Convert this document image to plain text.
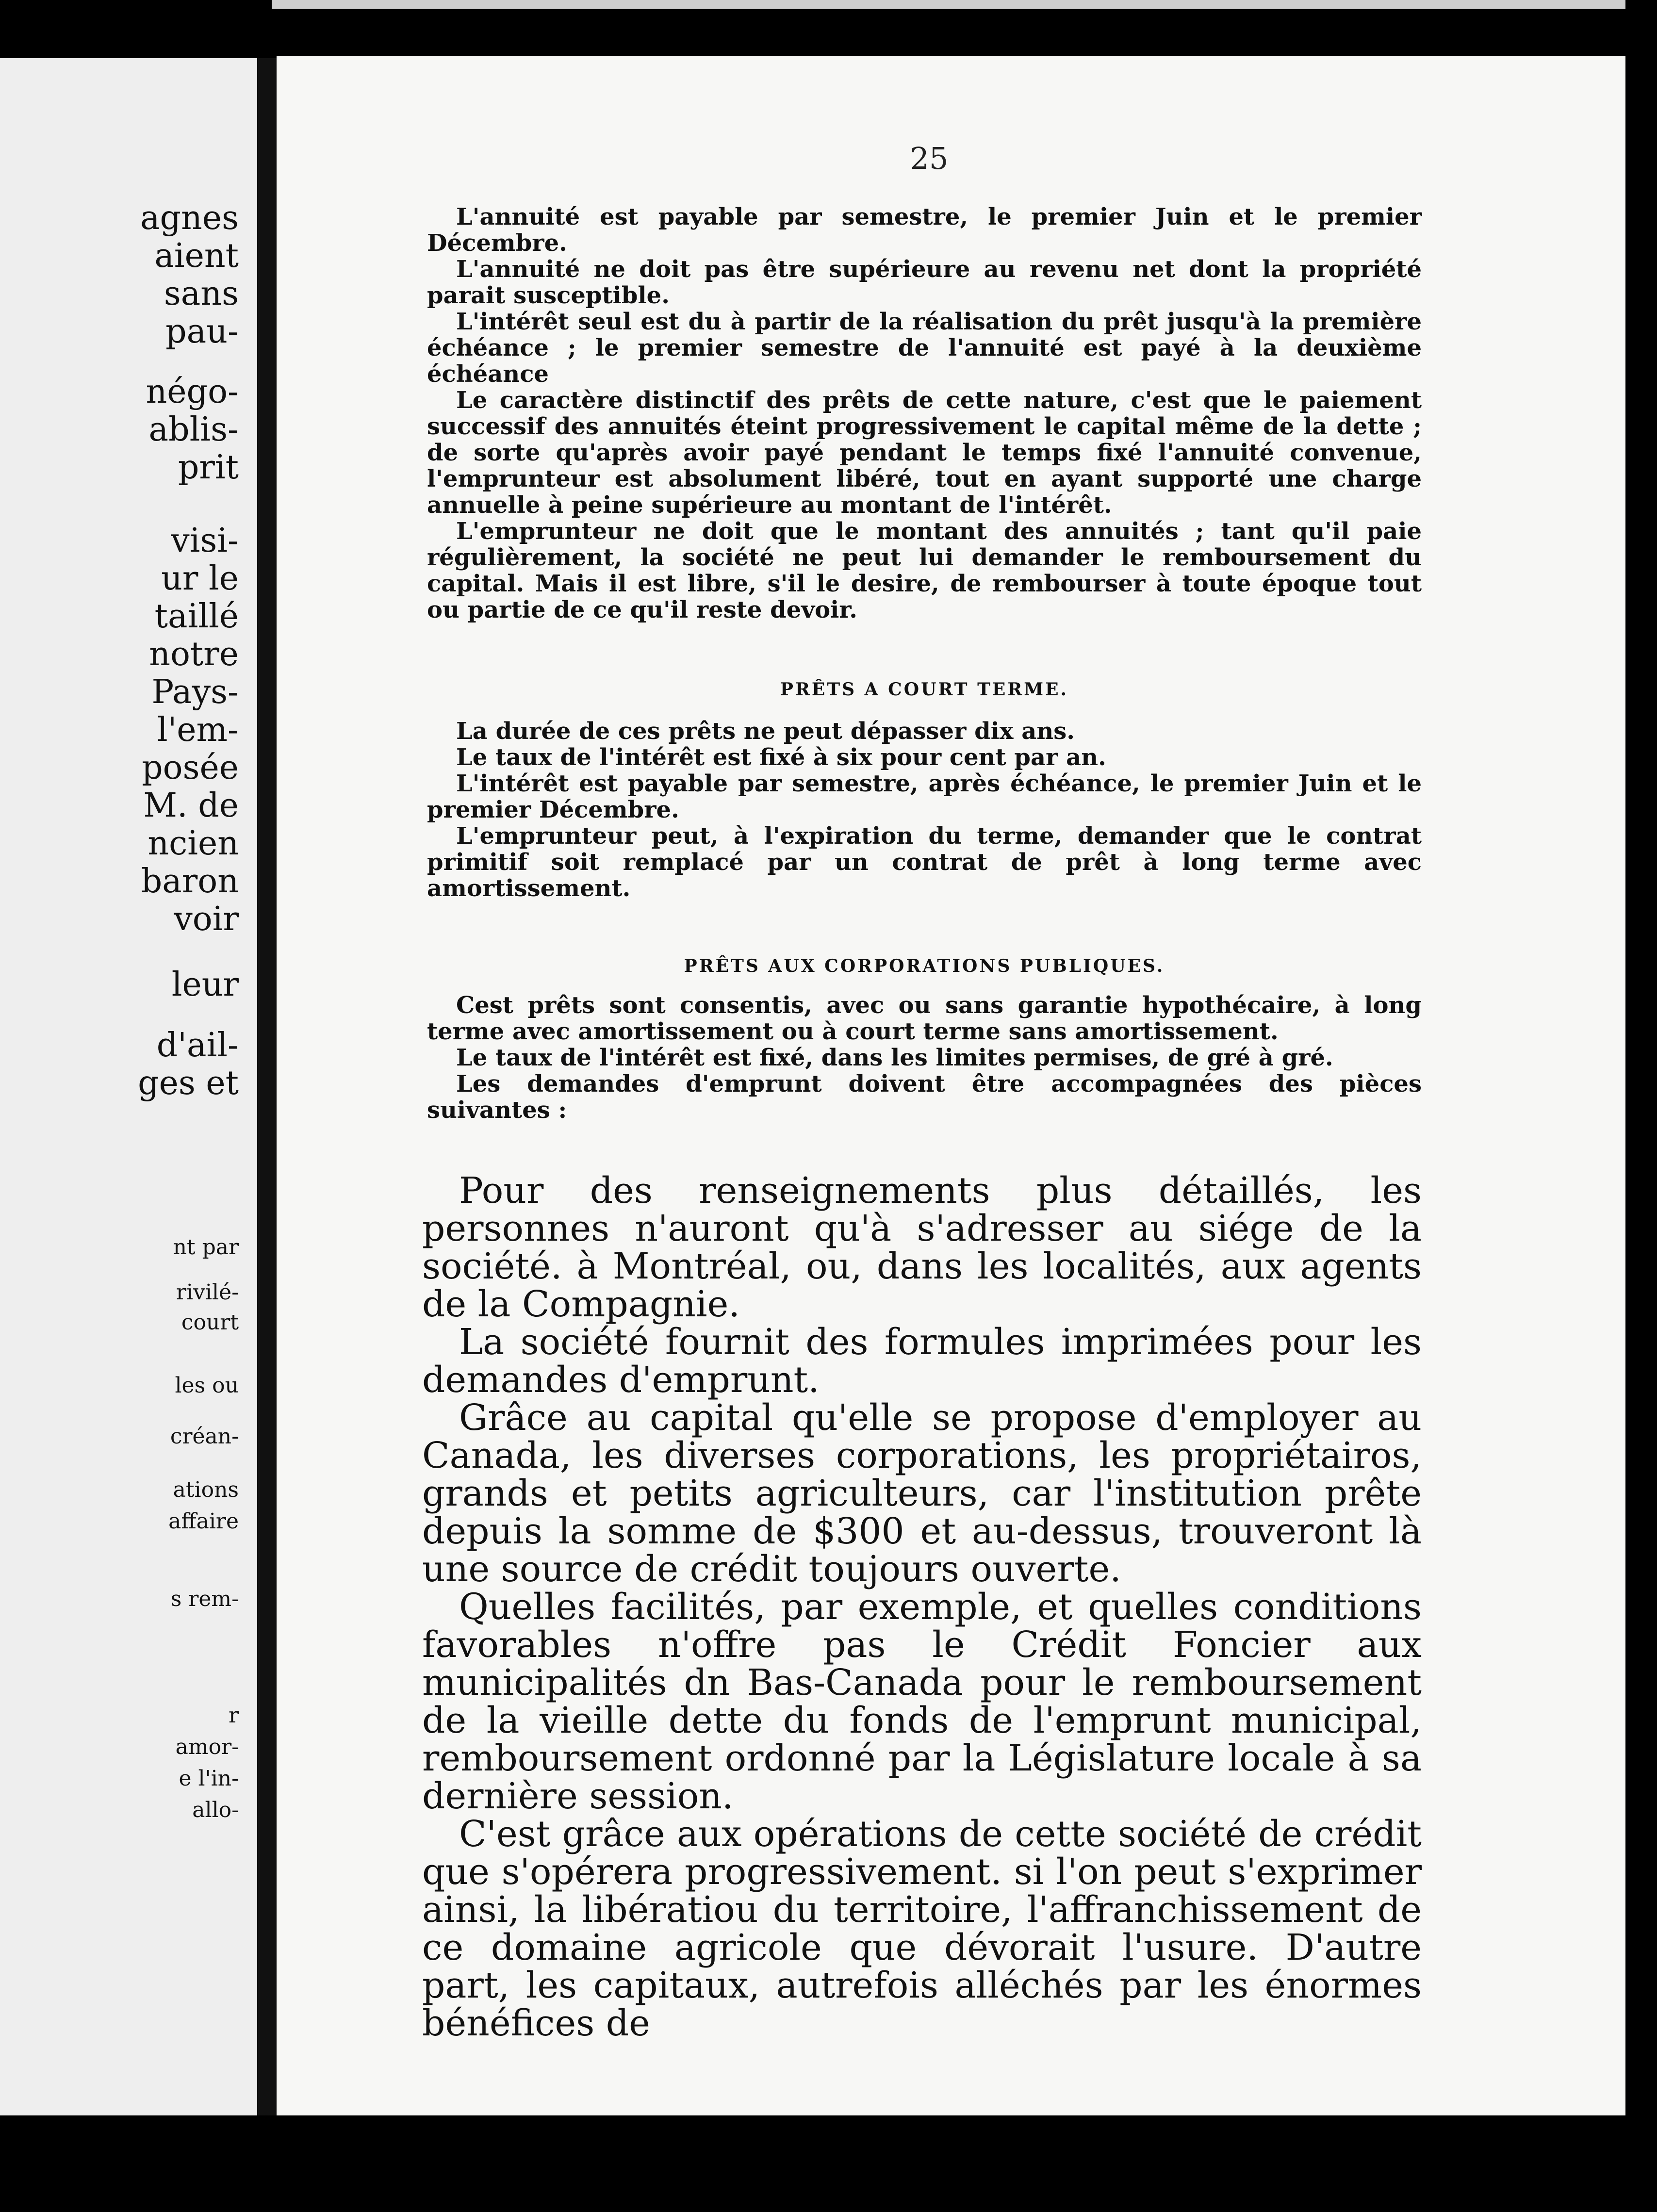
agnes
aient
sans
pau-
négo-
ablis-
prit
visi-
ur le
taillé
notre
Pays-
l'em-
posée
M. de
ncien
baron
voir
leur
d'ail-
ges et
nt par
rivilé-
court
les ou
créan-
ations
affaire
s rem-
r
amor-
e l'in-
allo-
25

L'annuité est payable par semestre, le premier Juin et le premier Décembre.

L'annuité ne doit pas être supérieure au revenu net dont la propriété parait susceptible.

L'intérêt seul est du à partir de la réalisation du prêt jusqu'à la première échéance ; le premier semestre de l'annuité est payé à la deuxième échéance

Le caractère distinctif des prêts de cette nature, c'est que le paiement successif des annuités éteint progressivement le capital même de la dette ; de sorte qu'après avoir payé pendant le temps fixé l'annuité convenue, l'emprunteur est absolument libéré, tout en ayant supporté une charge annuelle à peine supérieure au montant de l'intérêt.

L'emprunteur ne doit que le montant des annuités ; tant qu'il paie régulièrement, la société ne peut lui demander le remboursement du capital. Mais il est libre, s'il le desire, de rembourser à toute époque tout ou partie de ce qu'il reste devoir.

PRÊTS A COURT TERME.

La durée de ces prêts ne peut dépasser dix ans.

Le taux de l'intérêt est fixé à six pour cent par an.

L'intérêt est payable par semestre, après échéance, le premier Juin et le premier Décembre.

L'emprunteur peut, à l'expiration du terme, demander que le contrat primitif soit remplacé par un contrat de prêt à long terme avec amortissement.

PRÊTS AUX CORPORATIONS PUBLIQUES.

Cest prêts sont consentis, avec ou sans garantie hypothécaire, à long terme avec amortissement ou à court terme sans amortissement.

Le taux de l'intérêt est fixé, dans les limites permises, de gré à gré.

Les demandes d'emprunt doivent être accompagnées des pièces suivantes :

Pour des renseignements plus détaillés, les personnes n'auront qu'à s'adresser au siége de la société. à Montréal, ou, dans les localités, aux agents de la Compagnie.

La société fournit des formules imprimées pour les demandes d'emprunt.

Grâce au capital qu'elle se propose d'employer au Canada, les diverses corporations, les propriétairos, grands et petits agriculteurs, car l'institution prête depuis la somme de $300 et au-dessus, trouveront là une source de crédit toujours ouverte.

Quelles facilités, par exemple, et quelles conditions favorables n'offre pas le Crédit Foncier aux municipalités dn Bas-Canada pour le remboursement de la vieille dette du fonds de l'emprunt municipal, remboursement ordonné par la Législature locale à sa dernière session.

C'est grâce aux opérations de cette société de crédit que s'opérera progressivement. si l'on peut s'exprimer ainsi, la libératiou du territoire, l'affranchissement de ce domaine agricole que dévorait l'usure. D'autre part, les capitaux, autrefois alléchés par les énormes bénéfices de
